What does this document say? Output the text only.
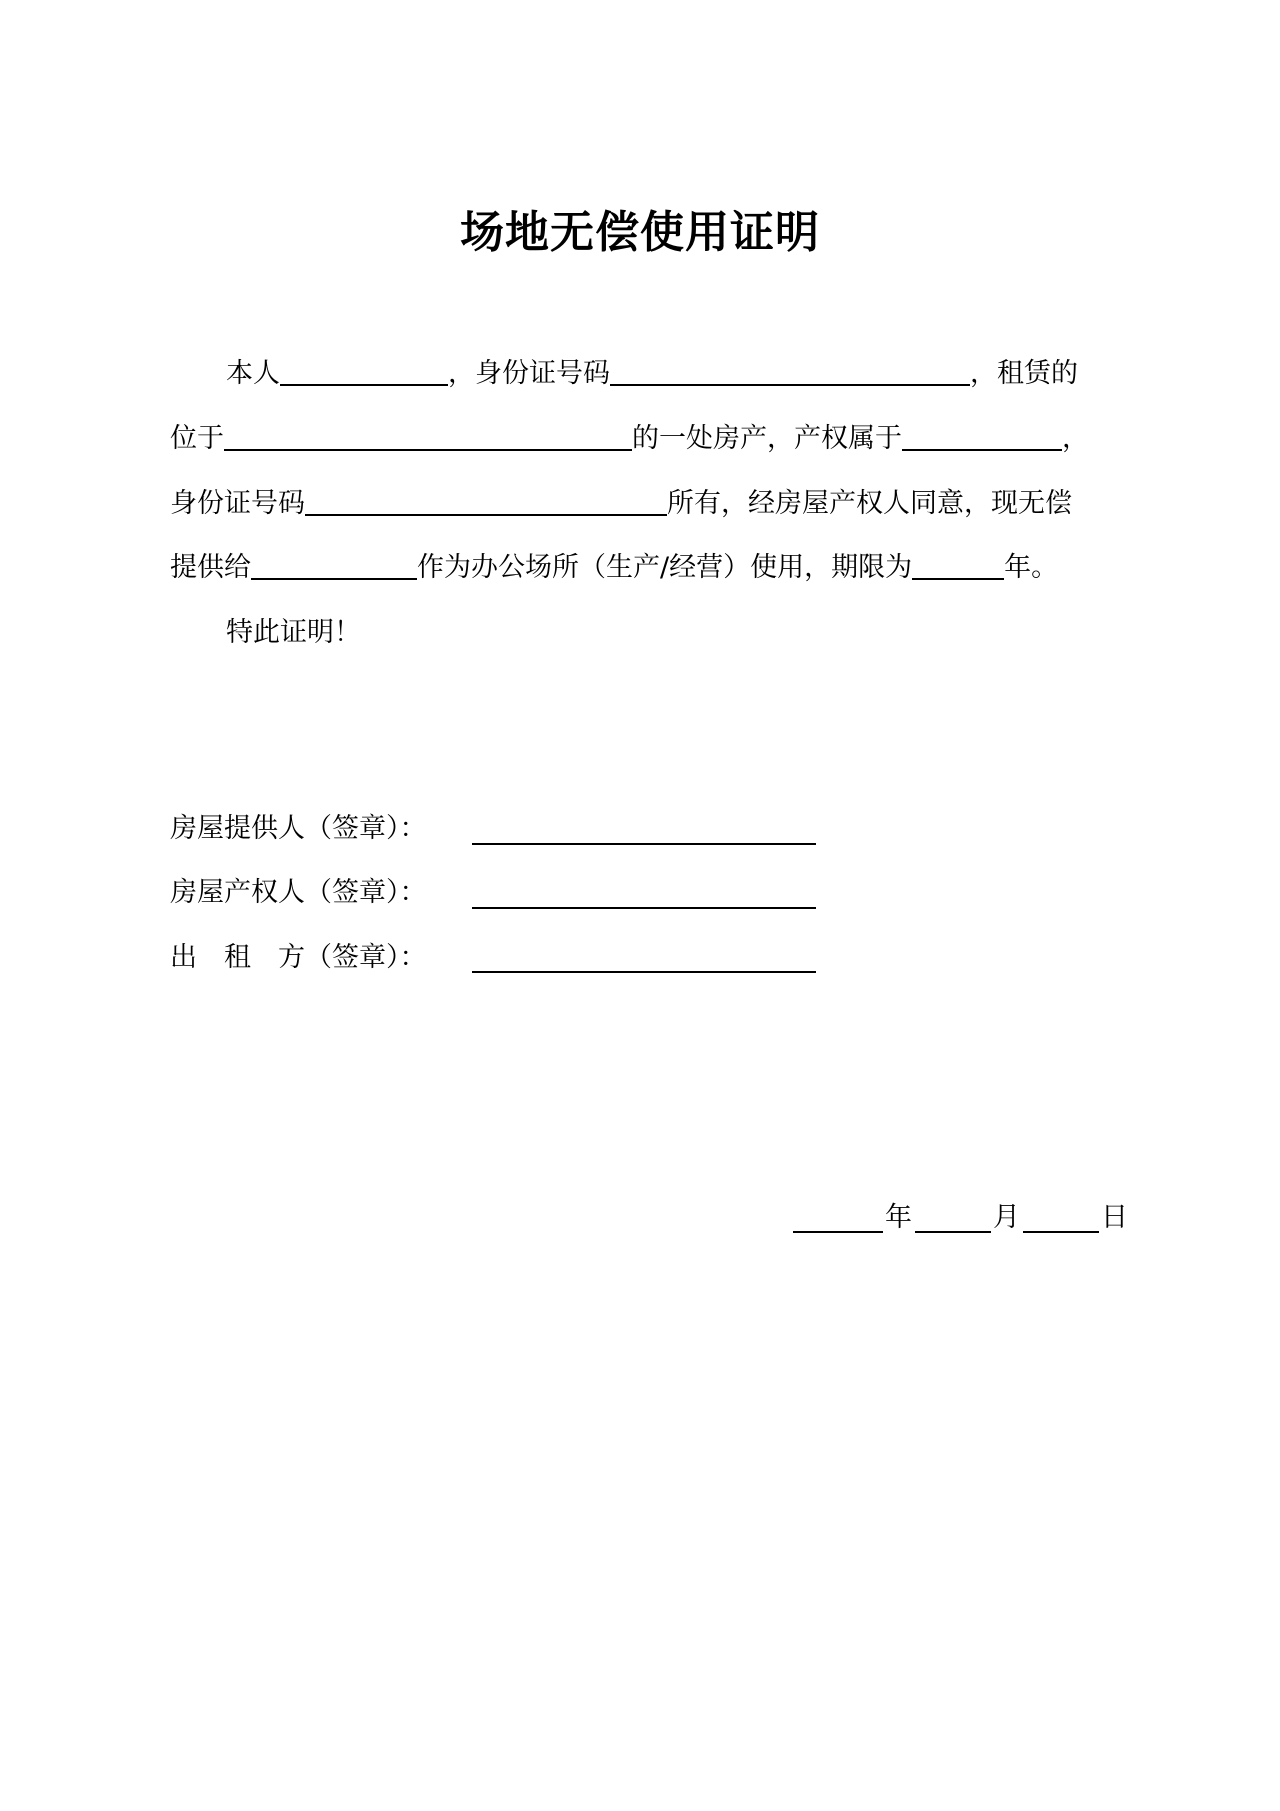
场地无偿使用证明
本人	，身份证号码	，租赁的
位于	的一处房产，产权属于	，
身份证号码	所有，经房屋产权人同意，现无偿
提供给	作为办公场所（生产/经营）使用，期限为	年。
特此证明！
房屋提供人（签章）：
房屋产权人（签章）：
出　租　方（签章）：
年	月	日
